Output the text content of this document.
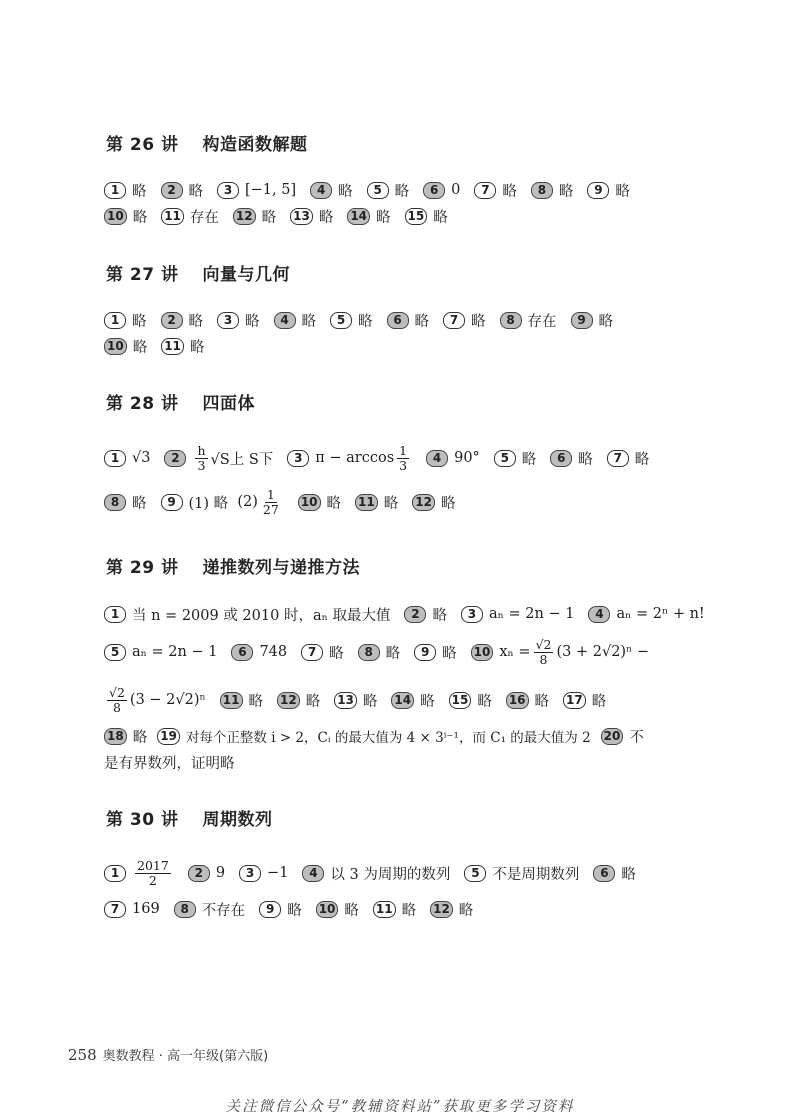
第 26 讲 构造函数解题
1 略	2 略	3 [−1, 5]	4 略	5 略	6 0	7 略	8 略	9 略
10 略 11 存在 12 略 13 略 14 略 15 略
第 27 讲 向量与几何
1 略	2 略	3 略	4 略	5 略	6 略	7 略	8 存在	9 略
10 略 11 略
第 28 讲 四面体
1 √3	2	$\frac{h}{3} √S$上 S下	3 $\pi - \arccos \frac{1}{3}$	4 90°	5 略	6 略	7 略
8 略	9 (1) 略
$(2) \frac{1}{27} 10$ 略 11 略 12 略
第 29 讲 递推数列与递推方法
1 当 n = 2009 或 2010 时，aₙ 取最大值	2 略	3 aₙ = 2n − 1	4 aₙ = 2ⁿ + n!
5 aₙ = 2n − 1	6 748	7 略	8 略	9 略 10 $x_n = \frac{√2}{8} (3 + 2√2)^n$ −
$\frac{√2}{8} (3 - 2√2)^n$ 11 略 12 略 13 略 14 略 15 略 16 略 17 略
18 略 19 对每个正整数 i > 2，Cᵢ 的最大值为 4 × 3ⁱ⁻¹，而 C₁ 的最大值为 2 20 不
是有界数列，证明略
第 30 讲 周期数列
1	$\frac{2017}{2}$	2 9	3 −1	4 以 3 为周期的数列	5 不是周期数列	6 略
7 169	8 不存在	9 略 10 略 11 略 12 略
258 奥数教程 · 高一年级(第六版)
关注微信公众号“教辅资料站”获取更多学习资料
